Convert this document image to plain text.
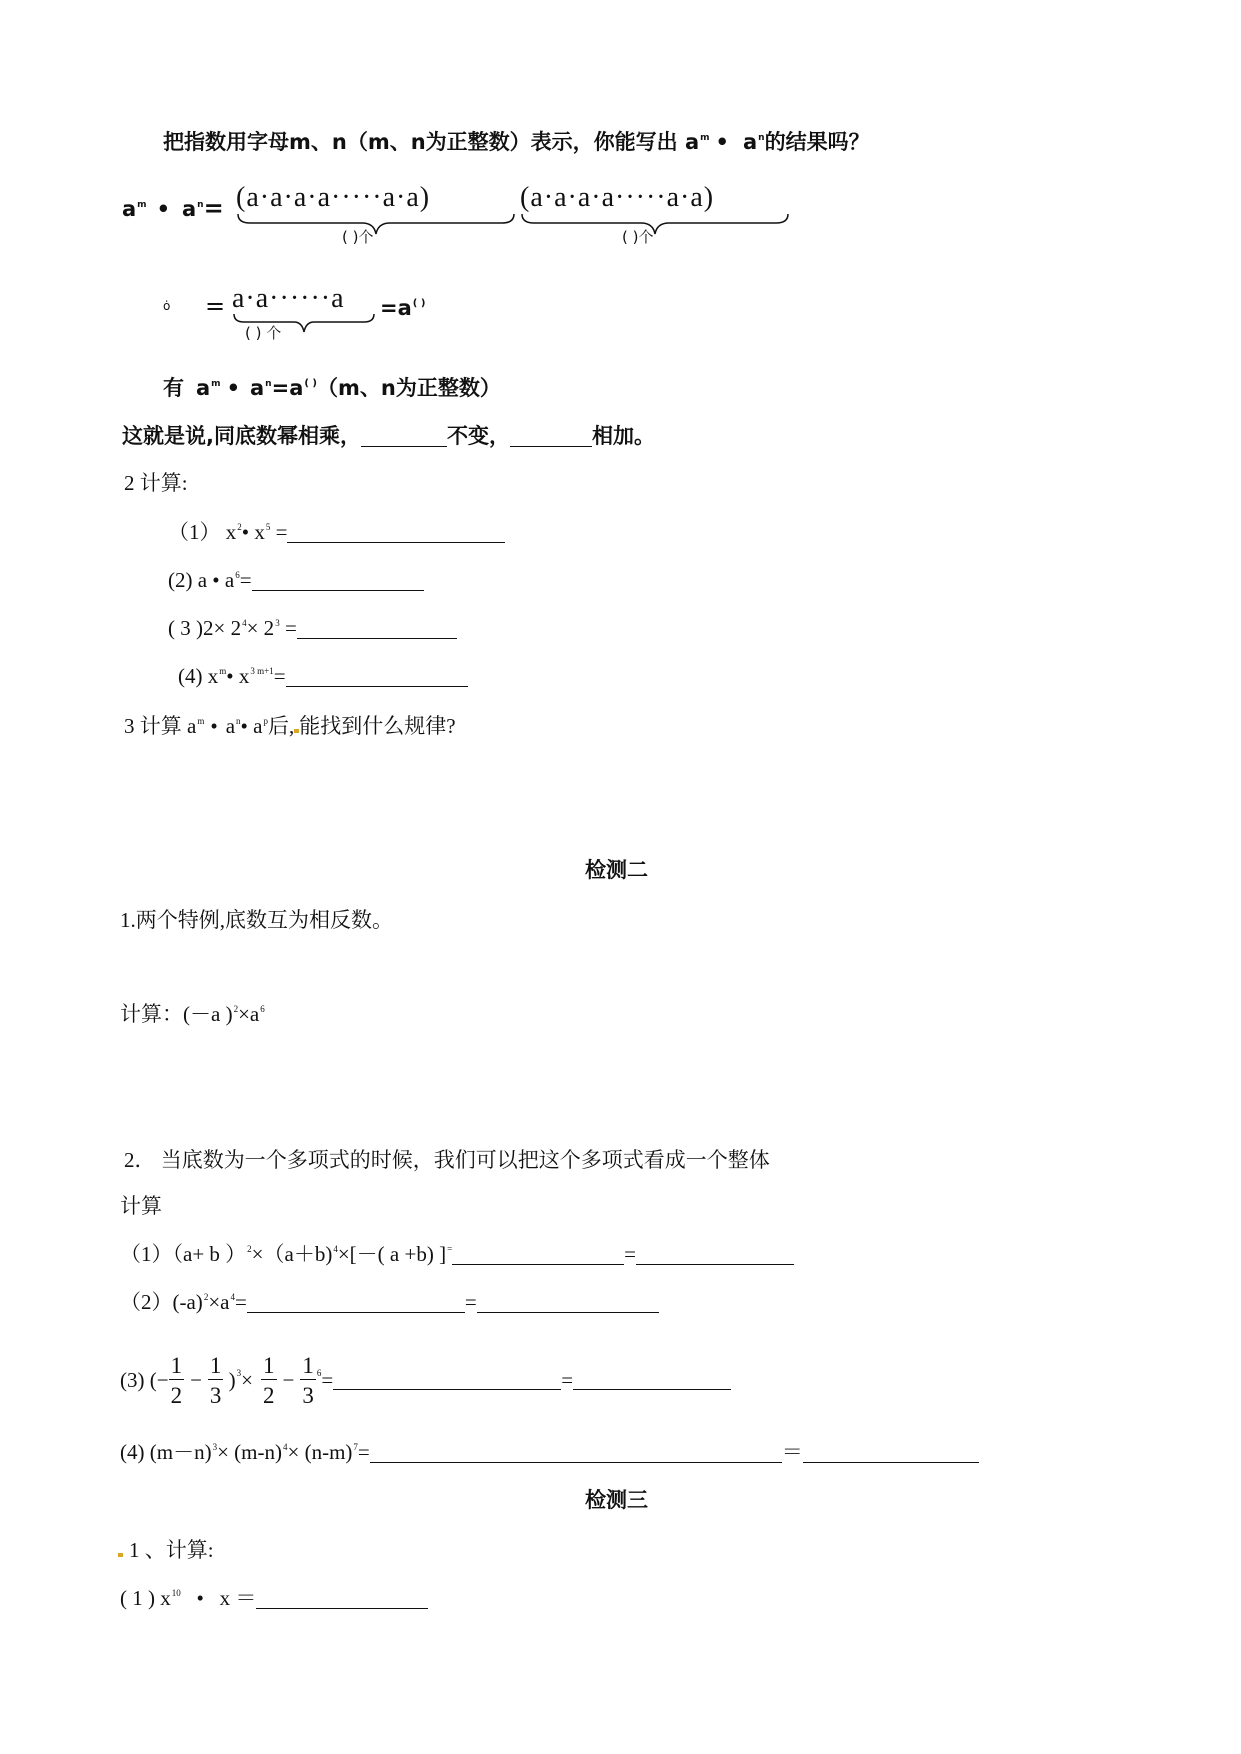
把指数用字母m、n（m、n为正整数）表示，你能写出 $a^m$ • $a^n$的结果吗？
$a^m$ • $a^n= (a\cdot a\cdot a\cdot a\cdot\cdot\cdot\cdot\cdot a\cdot a)$	(a·a·a·a·····a·a)
( )个	( )个
ȯ = a·a······a
( ) 个
=a( )
有 $a^m$ • $a^n=a^{( )}(m$、n为正整数）
这就是说,同底数幂相乘，	不变，	相加。
2 计算:
（1） $x^2•$ $x^5$ =
(2) a • $a^6=$
( 3 )$2\times 2^4\times 2^3$ =
(4) $x^m•$ $x^{3 m+1}=$
3 计算 $a^m$ • $a^n•$ $a^p$后, 能找到什么规律?
检测二
1.两个特例,底数互为相反数。
计算：(－a )$^2\times a^6$
2． 当底数为一个多项式的时候，我们可以把这个多项式看成一个整体
计算
（1）（a+ b ）$^2$×（a＋b)$^4$×[－( a +b) ]=	=
$(2)(-a)^2\times a^4=$	=
(3) (− $\frac{1}{2} - \frac{1}{3} )^3\times \frac{1}{2} - \frac{1}{3} ^6=$	=
(4) $(m-n)^3\times (m-n)^4\times (n-m)^7=$	＝
检测三
1 、计算:
( 1 ) $x^{10}$   •   x ＝
